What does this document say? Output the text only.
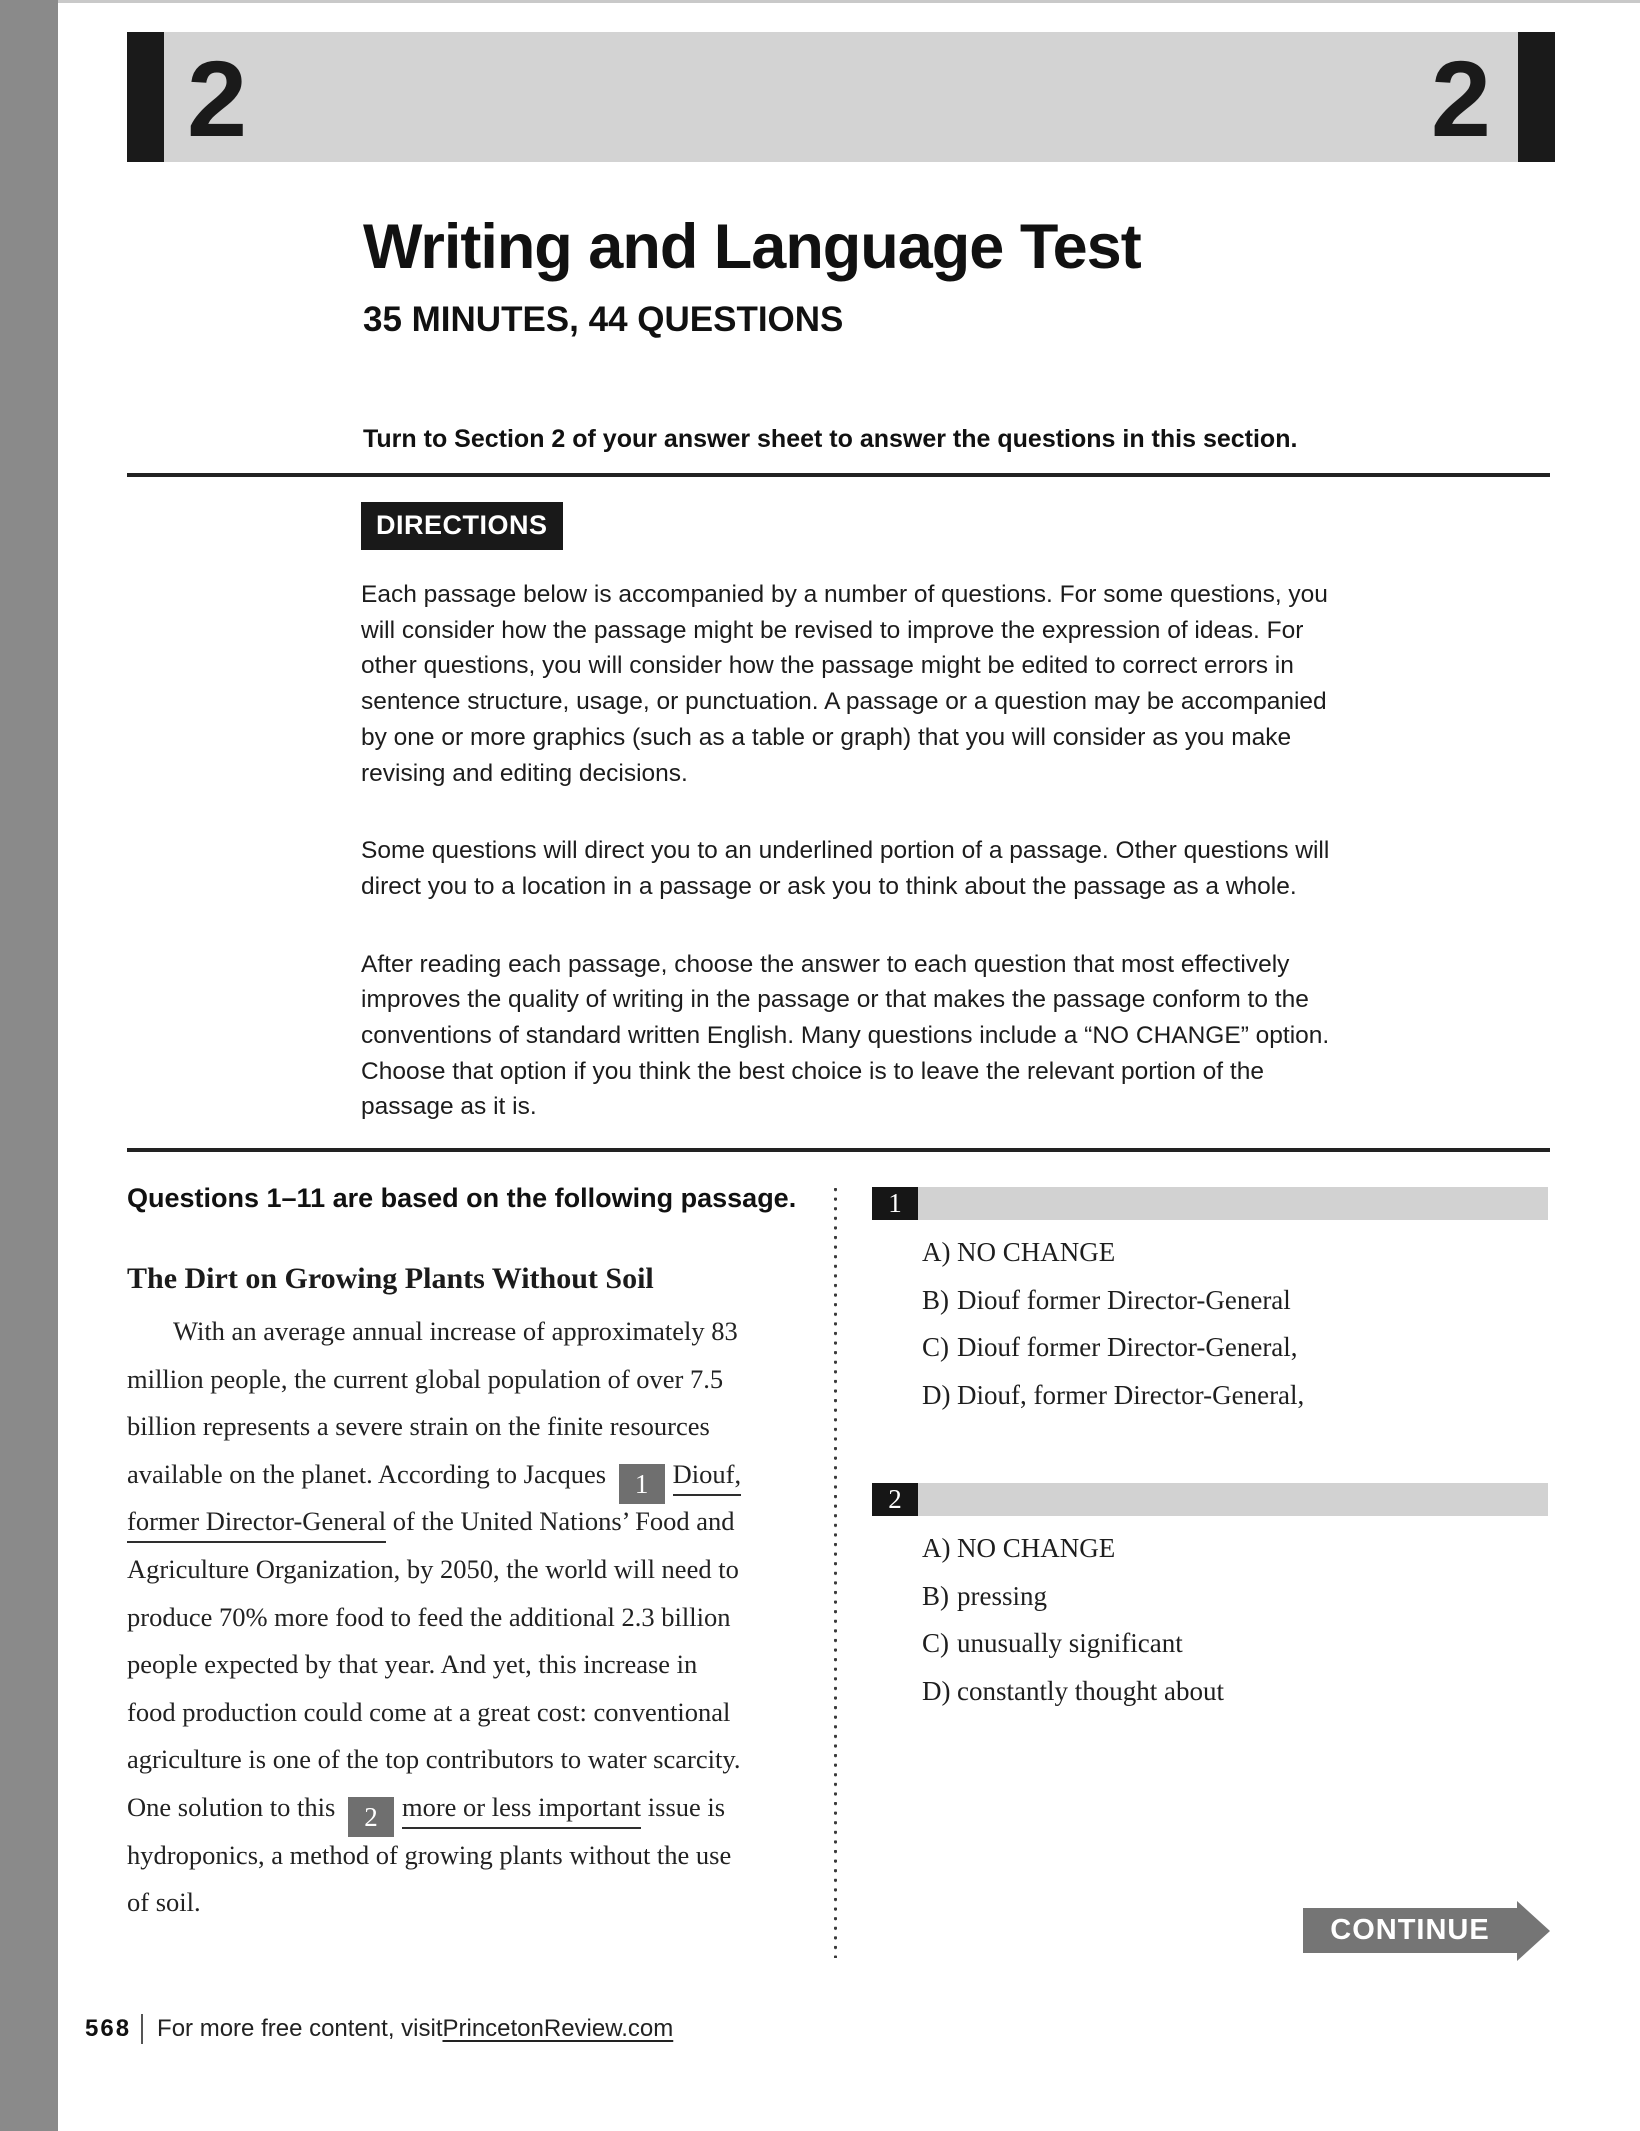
2	2
Writing and Language Test
35 MINUTES, 44 QUESTIONS

Turn to Section 2 of your answer sheet to answer the questions in this section.

DIRECTIONS

Each passage below is accompanied by a number of questions. For some questions, you
will consider how the passage might be revised to improve the expression of ideas. For
other questions, you will consider how the passage might be edited to correct errors in
sentence structure, usage, or punctuation. A passage or a question may be accompanied
by one or more graphics (such as a table or graph) that you will consider as you make
revising and editing decisions.

Some questions will direct you to an underlined portion of a passage. Other questions will
direct you to a location in a passage or ask you to think about the passage as a whole.

After reading each passage, choose the answer to each question that most effectively
improves the quality of writing in the passage or that makes the passage conform to the
conventions of standard written English. Many questions include a “NO CHANGE” option.
Choose that option if you think the best choice is to leave the relevant portion of the
passage as it is.

Questions 1–11 are based on the following passage.

The Dirt on Growing Plants Without Soil
With an average annual increase of approximately 83
million people, the current global population of over 7.5
billion represents a severe strain on the finite resources
available on the planet. According to Jacques 1 Diouf,
former Director-General of the United Nations’ Food and
Agriculture Organization, by 2050, the world will need to
produce 70% more food to feed the additional 2.3 billion
people expected by that year. And yet, this increase in
food production could come at a great cost: conventional
agriculture is one of the top contributors to water scarcity.
One solution to this 2 more or less important issue is
hydroponics, a method of growing plants without the use
of soil.
1
A) NO CHANGE
B) Diouf former Director-General
C) Diouf former Director-General,
D) Diouf, former Director-General,
2
A) NO CHANGE
B) pressing
C) unusually significant
D) constantly thought about
CONTINUE
568 For more free content, visit PrincetonReview.com
